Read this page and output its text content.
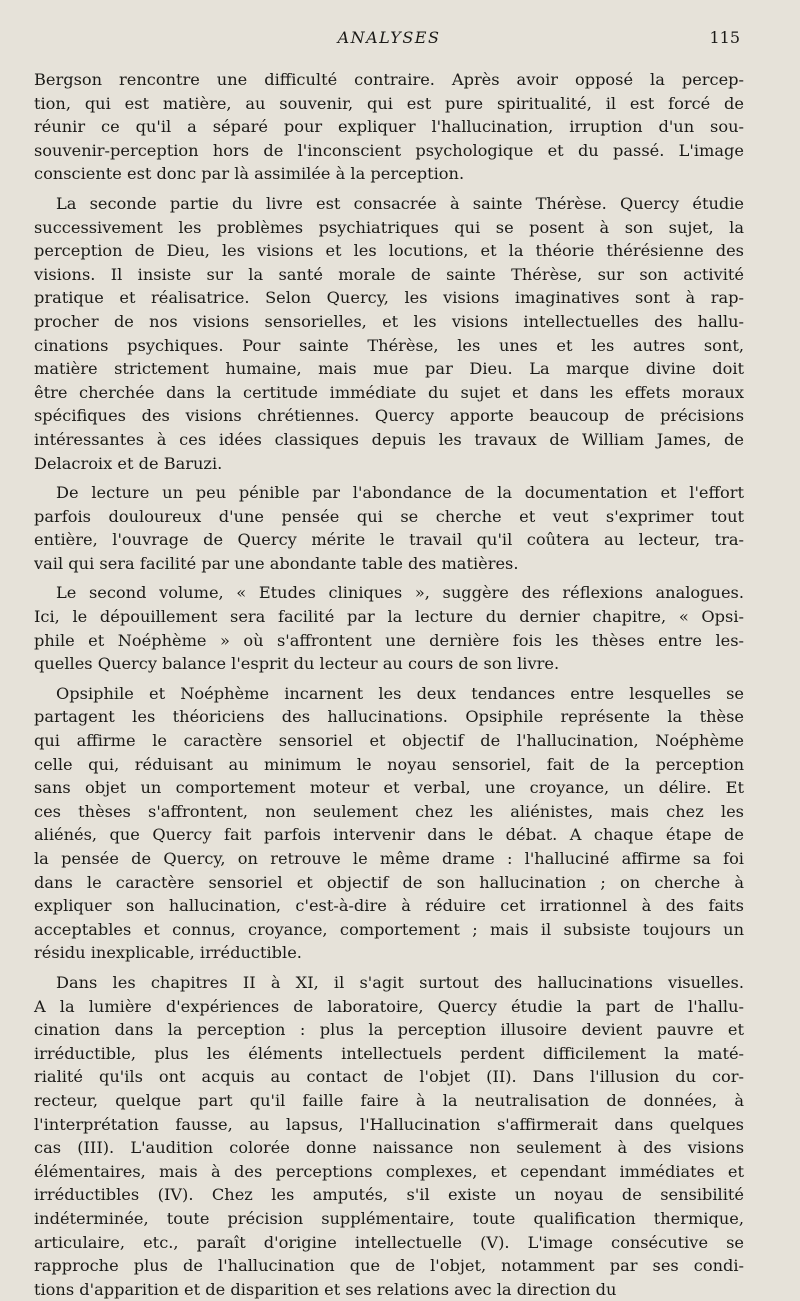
ANALYSES	115
Bergson rencontre une difficulté contraire. Après avoir opposé la percep-
tion, qui est matière, au souvenir, qui est pure spiritualité, il est forcé de
réunir ce qu'il a séparé pour expliquer l'hallucination, irruption d'un sou-
souvenir-perception hors de l'inconscient psychologique et du passé. L'image
consciente est donc par là assimilée à la perception.
La seconde partie du livre est consacrée à sainte Thérèse. Quercy étudie
successivement les problèmes psychiatriques qui se posent à son sujet, la
perception de Dieu, les visions et les locutions, et la théorie thérésienne des
visions. Il insiste sur la santé morale de sainte Thérèse, sur son activité
pratique et réalisatrice. Selon Quercy, les visions imaginatives sont à rap-
procher de nos visions sensorielles, et les visions intellectuelles des hallu-
cinations psychiques. Pour sainte Thérèse, les unes et les autres sont,
matière strictement humaine, mais mue par Dieu. La marque divine doit
être cherchée dans la certitude immédiate du sujet et dans les effets moraux
spécifiques des visions chrétiennes. Quercy apporte beaucoup de précisions
intéressantes à ces idées classiques depuis les travaux de William James, de
Delacroix et de Baruzi.
De lecture un peu pénible par l'abondance de la documentation et l'effort
parfois douloureux d'une pensée qui se cherche et veut s'exprimer tout
entière, l'ouvrage de Quercy mérite le travail qu'il coûtera au lecteur, tra-
vail qui sera facilité par une abondante table des matières.
Le second volume, « Etudes cliniques », suggère des réflexions analogues.
Ici, le dépouillement sera facilité par la lecture du dernier chapitre, « Opsi-
phile et Noéphème » où s'affrontent une dernière fois les thèses entre les-
quelles Quercy balance l'esprit du lecteur au cours de son livre.
Opsiphile et Noéphème incarnent les deux tendances entre lesquelles se
partagent les théoriciens des hallucinations. Opsiphile représente la thèse
qui affirme le caractère sensoriel et objectif de l'hallucination, Noéphème
celle qui, réduisant au minimum le noyau sensoriel, fait de la perception
sans objet un comportement moteur et verbal, une croyance, un délire. Et
ces thèses s'affrontent, non seulement chez les aliénistes, mais chez les
aliénés, que Quercy fait parfois intervenir dans le débat. A chaque étape de
la pensée de Quercy, on retrouve le même drame : l'halluciné affirme sa foi
dans le caractère sensoriel et objectif de son hallucination ; on cherche à
expliquer son hallucination, c'est-à-dire à réduire cet irrationnel à des faits
acceptables et connus, croyance, comportement ; mais il subsiste toujours un
résidu inexplicable, irréductible.
Dans les chapitres II à XI, il s'agit surtout des hallucinations visuelles.
A la lumière d'expériences de laboratoire, Quercy étudie la part de l'hallu-
cination dans la perception : plus la perception illusoire devient pauvre et
irréductible, plus les éléments intellectuels perdent difficilement la maté-
rialité qu'ils ont acquis au contact de l'objet (II). Dans l'illusion du cor-
recteur, quelque part qu'il faille faire à la neutralisation de données, à
l'interprétation fausse, au lapsus, l'Hallucination s'affirmerait dans quelques
cas (III). L'audition colorée donne naissance non seulement à des visions
élémentaires, mais à des perceptions complexes, et cependant immédiates et
irréductibles (IV). Chez les amputés, s'il existe un noyau de sensibilité
indéterminée, toute précision supplémentaire, toute qualification thermique,
articulaire, etc., paraît d'origine intellectuelle (V). L'image consécutive se
rapproche plus de l'hallucination que de l'objet, notamment par ses condi-
tions d'apparition et de disparition et ses relations avec la direction du
